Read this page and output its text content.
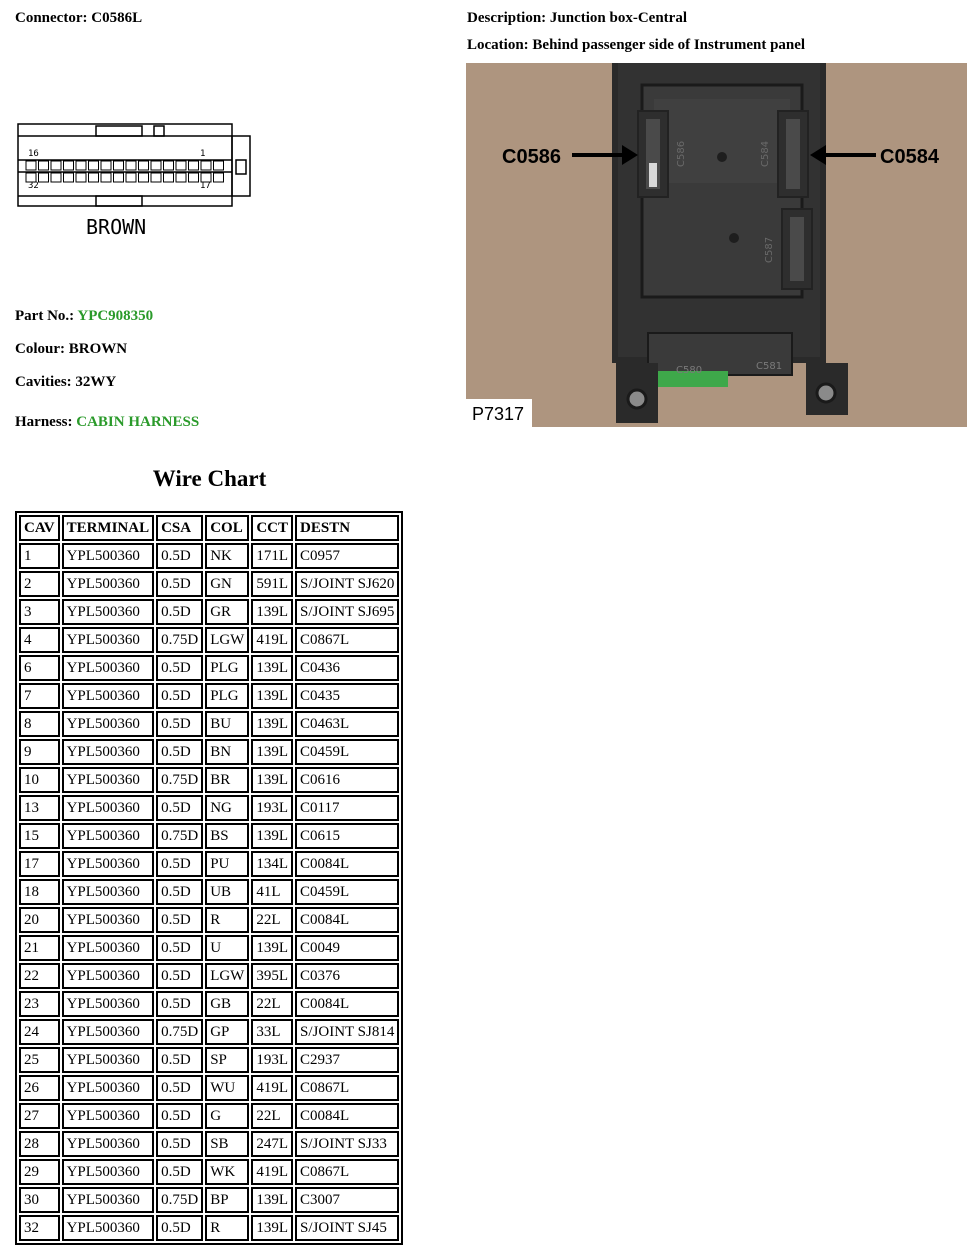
Connector: C0586L	Description: Junction box-Central
Location: Behind passenger side of Instrument panel
16	1
32	17
BROWN
Part No.: YPC908350
Colour: BROWN
Cavities: 32WY
Harness: CABIN HARNESS
C586	C584
C587
C580	C581
C0586	C0584
P7317
Wire Chart
CAV	TERMINAL	CSA	COL	CCT	DESTN
1	YPL500360	0.5D	NK	171L	C0957
2	YPL500360	0.5D	GN	591L	S/JOINT SJ620
3	YPL500360	0.5D	GR	139L	S/JOINT SJ695
4	YPL500360	0.75D	LGW	419L	C0867L
6	YPL500360	0.5D	PLG	139L	C0436
7	YPL500360	0.5D	PLG	139L	C0435
8	YPL500360	0.5D	BU	139L	C0463L
9	YPL500360	0.5D	BN	139L	C0459L
10	YPL500360	0.75D	BR	139L	C0616
13	YPL500360	0.5D	NG	193L	C0117
15	YPL500360	0.75D	BS	139L	C0615
17	YPL500360	0.5D	PU	134L	C0084L
18	YPL500360	0.5D	UB	41L	C0459L
20	YPL500360	0.5D	R	22L	C0084L
21	YPL500360	0.5D	U	139L	C0049
22	YPL500360	0.5D	LGW	395L	C0376
23	YPL500360	0.5D	GB	22L	C0084L
24	YPL500360	0.75D	GP	33L	S/JOINT SJ814
25	YPL500360	0.5D	SP	193L	C2937
26	YPL500360	0.5D	WU	419L	C0867L
27	YPL500360	0.5D	G	22L	C0084L
28	YPL500360	0.5D	SB	247L	S/JOINT SJ33
29	YPL500360	0.5D	WK	419L	C0867L
30	YPL500360	0.75D	BP	139L	C3007
32	YPL500360	0.5D	R	139L	S/JOINT SJ45
